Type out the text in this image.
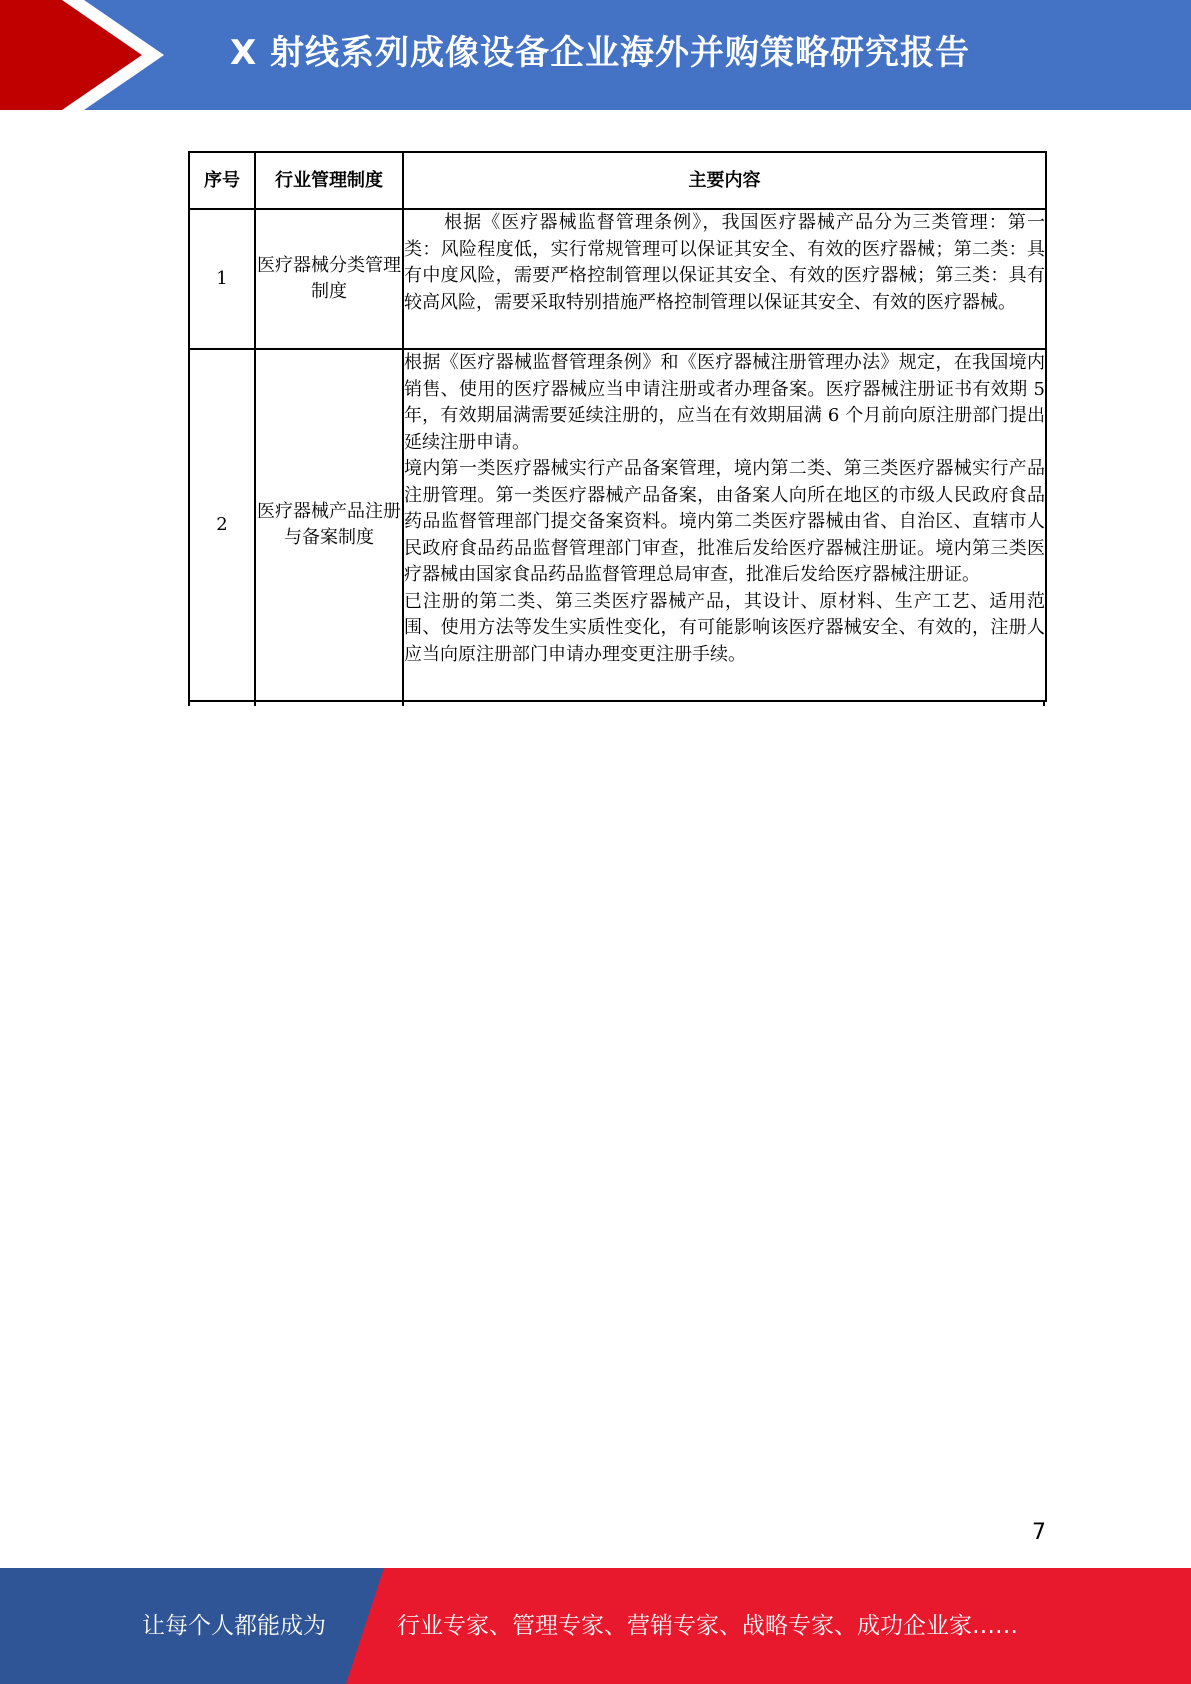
X 射线系列成像设备企业海外并购策略研究报告
序号	行业管理制度	主要内容
1	医疗器械分类管理制度	根据《医疗器械监督管理条例》，我国医疗器械产品分为三类管理：第一类：风险程度低，实行常规管理可以保证其安全、有效的医疗器械；第二类：具有中度风险，需要严格控制管理以保证其安全、有效的医疗器械；第三类：具有较高风险，需要采取特别措施严格控制管理以保证其安全、有效的医疗器械。

2	医疗器械产品注册与备案制度	根据《医疗器械监督管理条例》和《医疗器械注册管理办法》规定，在我国境内销售、使用的医疗器械应当申请注册或者办理备案。医疗器械注册证书有效期 5 年，有效期届满需要延续注册的，应当在有效期届满 6 个月前向原注册部门提出延续注册申请。
境内第一类医疗器械实行产品备案管理，境内第二类、第三类医疗器械实行产品注册管理。第一类医疗器械产品备案，由备案人向所在地区的市级人民政府食品药品监督管理部门提交备案资料。境内第二类医疗器械由省、自治区、直辖市人民政府食品药品监督管理部门审查，批准后发给医疗器械注册证。境内第三类医疗器械由国家食品药品监督管理总局审查，批准后发给医疗器械注册证。
已注册的第二类、第三类医疗器械产品，其设计、原材料、生产工艺、适用范围、使用方法等发生实质性变化，有可能影响该医疗器械安全、有效的，注册人应当向原注册部门申请办理变更注册手续。
7
让每个人都能成为	行业专家、管理专家、营销专家、战略专家、成功企业家……
